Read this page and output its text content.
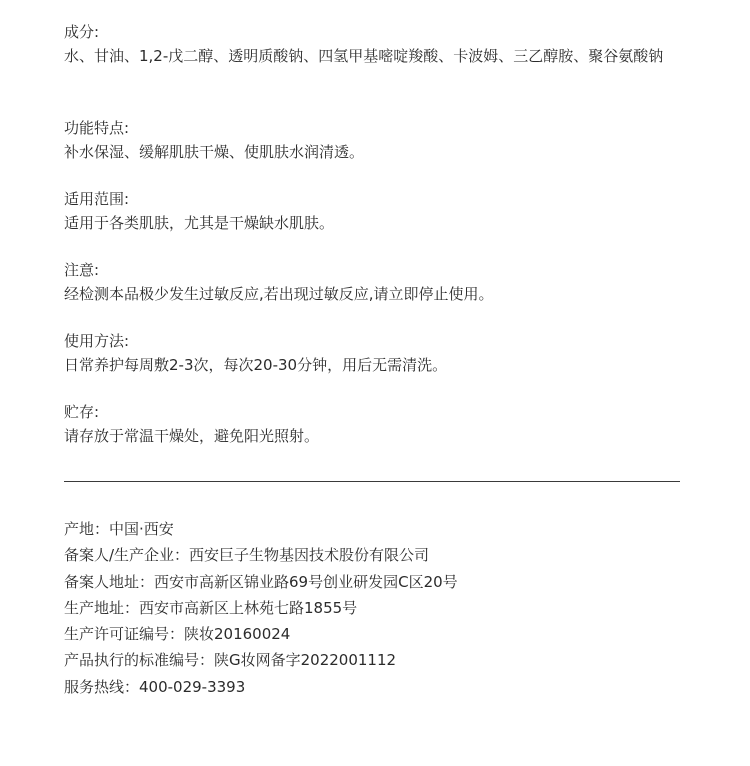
成分:
水、甘油、1,2-戊二醇、透明质酸钠、四氢甲基嘧啶羧酸、卡波姆、三乙醇胺、聚谷氨酸钠
功能特点:
补水保湿、缓解肌肤干燥、使肌肤水润清透。
适用范围:
适用于各类肌肤，尤其是干燥缺水肌肤。
注意:
经检测本品极少发生过敏反应,若出现过敏反应,请立即停止使用。
使用方法:
日常养护每周敷2-3次，每次20-30分钟，用后无需清洗。
贮存:
请存放于常温干燥处，避免阳光照射。
产地：中国·西安
备案人/生产企业：西安巨子生物基因技术股份有限公司
备案人地址：西安市高新区锦业路69号创业研发园C区20号
生产地址：西安市高新区上林苑七路1855号
生产许可证编号：陕妆20160024
产品执行的标准编号：陕G妆网备字2022001112
服务热线：400-029-3393
